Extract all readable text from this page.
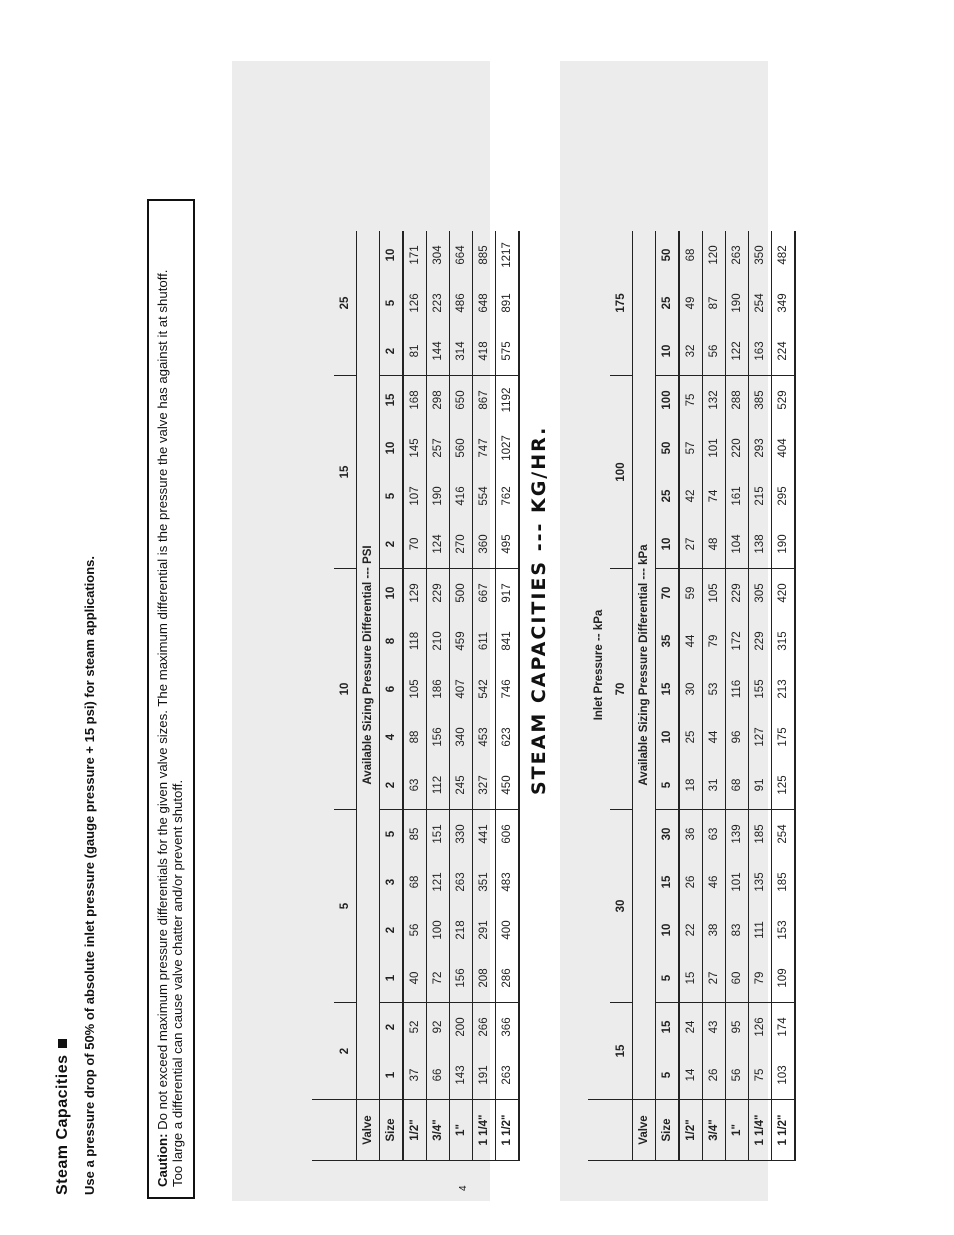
Steam Capacities Use a pressure drop of 50% of absolute inlet pressure (gauge pressure + 15 psi) for steam applications.	Caution: Do not exceed maximum pressure differentials for the given valve sizes. The maximum differential is the pressure the valve has against it at shutoff. Too large a differential can cause valve chatter and/or prevent shutoff.

		2		5				10					15				25		
Valve	Available Sizing Pressure Differential --- PSI																	
Size	1	2	1	2	3	5	2	4	6	8	10	2	5	10	15	2	5	10
1/2"	37	52	40	56	68	85	63	88	105	118	129	70	107	145	168	81	126	171
3/4"	66	92	72	100	121	151	112	156	186	210	229	124	190	257	298	144	223	304
1"	143	200	156	218	263	330	245	340	407	459	500	270	416	560	650	314	486	664
1 1/4"	191	266	208	291	351	441	327	453	542	611	667	360	554	747	867	418	648	885
1 1/2"	263	366	286	400	483	606	450	623	746	841	917	495	762	1027	1192	575	891	1217
STEAM CAPACITIES --- KG/HR.
		Inlet Pressure -- kPa																	
	15		30				70					100				175		
Valve	Available Sizing Pressure Differential --- kPa																	
Size	5	15	5	10	15	30	5	10	15	35	70	10	25	50	100	10	25	50
1/2"	14	24	15	22	26	36	18	25	30	44	59	27	42	57	75	32	49	68
3/4"	26	43	27	38	46	63	31	44	53	79	105	48	74	101	132	56	87	120
1"	56	95	60	83	101	139	68	96	116	172	229	104	161	220	288	122	190	263
1 1/4"	75	126	79	111	135	185	91	127	155	229	305	138	215	293	385	163	254	350
1 1/2"	103	174	109	153	185	254	125	175	213	315	420	190	295	404	529	224	349	482
4
